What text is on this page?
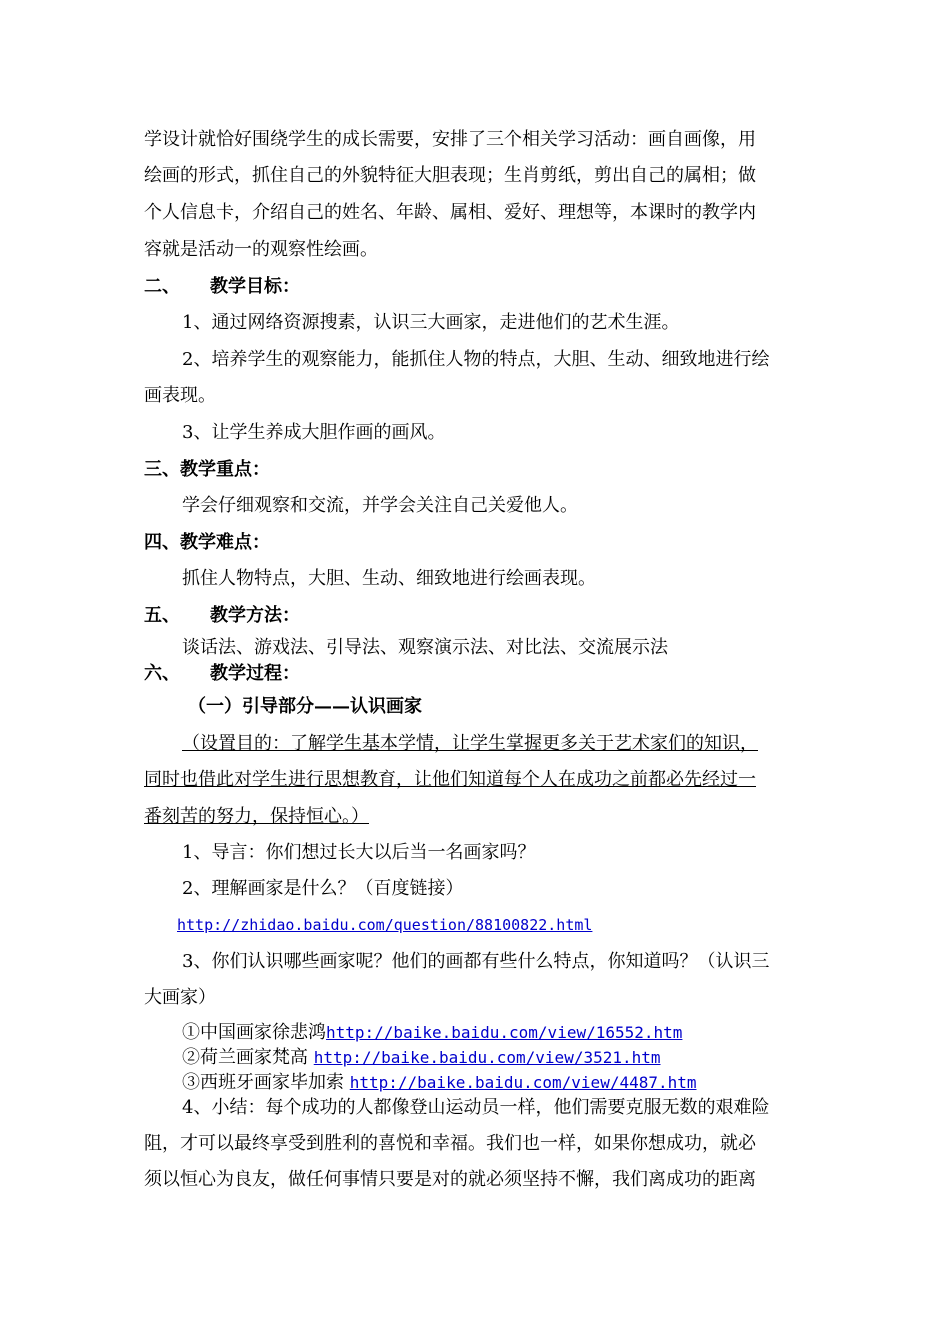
学设计就恰好围绕学生的成长需要，安排了三个相关学习活动：画自画像，用
绘画的形式，抓住自己的外貌特征大胆表现；生肖剪纸，剪出自己的属相；做
个人信息卡，介绍自己的姓名、年龄、属相、爱好、理想等，本课时的教学内
容就是活动一的观察性绘画。
二、 教学目标：
1、通过网络资源搜素，认识三大画家，走进他们的艺术生涯。
2、培养学生的观察能力，能抓住人物的特点，大胆、生动、细致地进行绘
画表现。
3、让学生养成大胆作画的画风。
三、教学重点：
学会仔细观察和交流，并学会关注自己关爱他人。
四、教学难点：
抓住人物特点，大胆、生动、细致地进行绘画表现。
五、 教学方法：
谈话法、游戏法、引导法、观察演示法、对比法、交流展示法
六、 教学过程：
（一）引导部分——认识画家
（设置目的：了解学生基本学情，让学生掌握更多关于艺术家们的知识，
同时也借此对学生进行思想教育，让他们知道每个人在成功之前都必先经过一
番刻苦的努力，保持恒心。）
1、导言：你们想过长大以后当一名画家吗？
2、理解画家是什么？（百度链接）
http://zhidao.baidu.com/question/88100822.html
3、你们认识哪些画家呢？他们的画都有些什么特点，你知道吗？（认识三
大画家）
①中国画家徐悲鸿http://baike.baidu.com/view/16552.htm
②荷兰画家梵高 http://baike.baidu.com/view/3521.htm
③西班牙画家毕加索 http://baike.baidu.com/view/4487.htm
4、小结：每个成功的人都像登山运动员一样，他们需要克服无数的艰难险
阻，才可以最终享受到胜利的喜悦和幸福。我们也一样，如果你想成功，就必
须以恒心为良友，做任何事情只要是对的就必须坚持不懈，我们离成功的距离
